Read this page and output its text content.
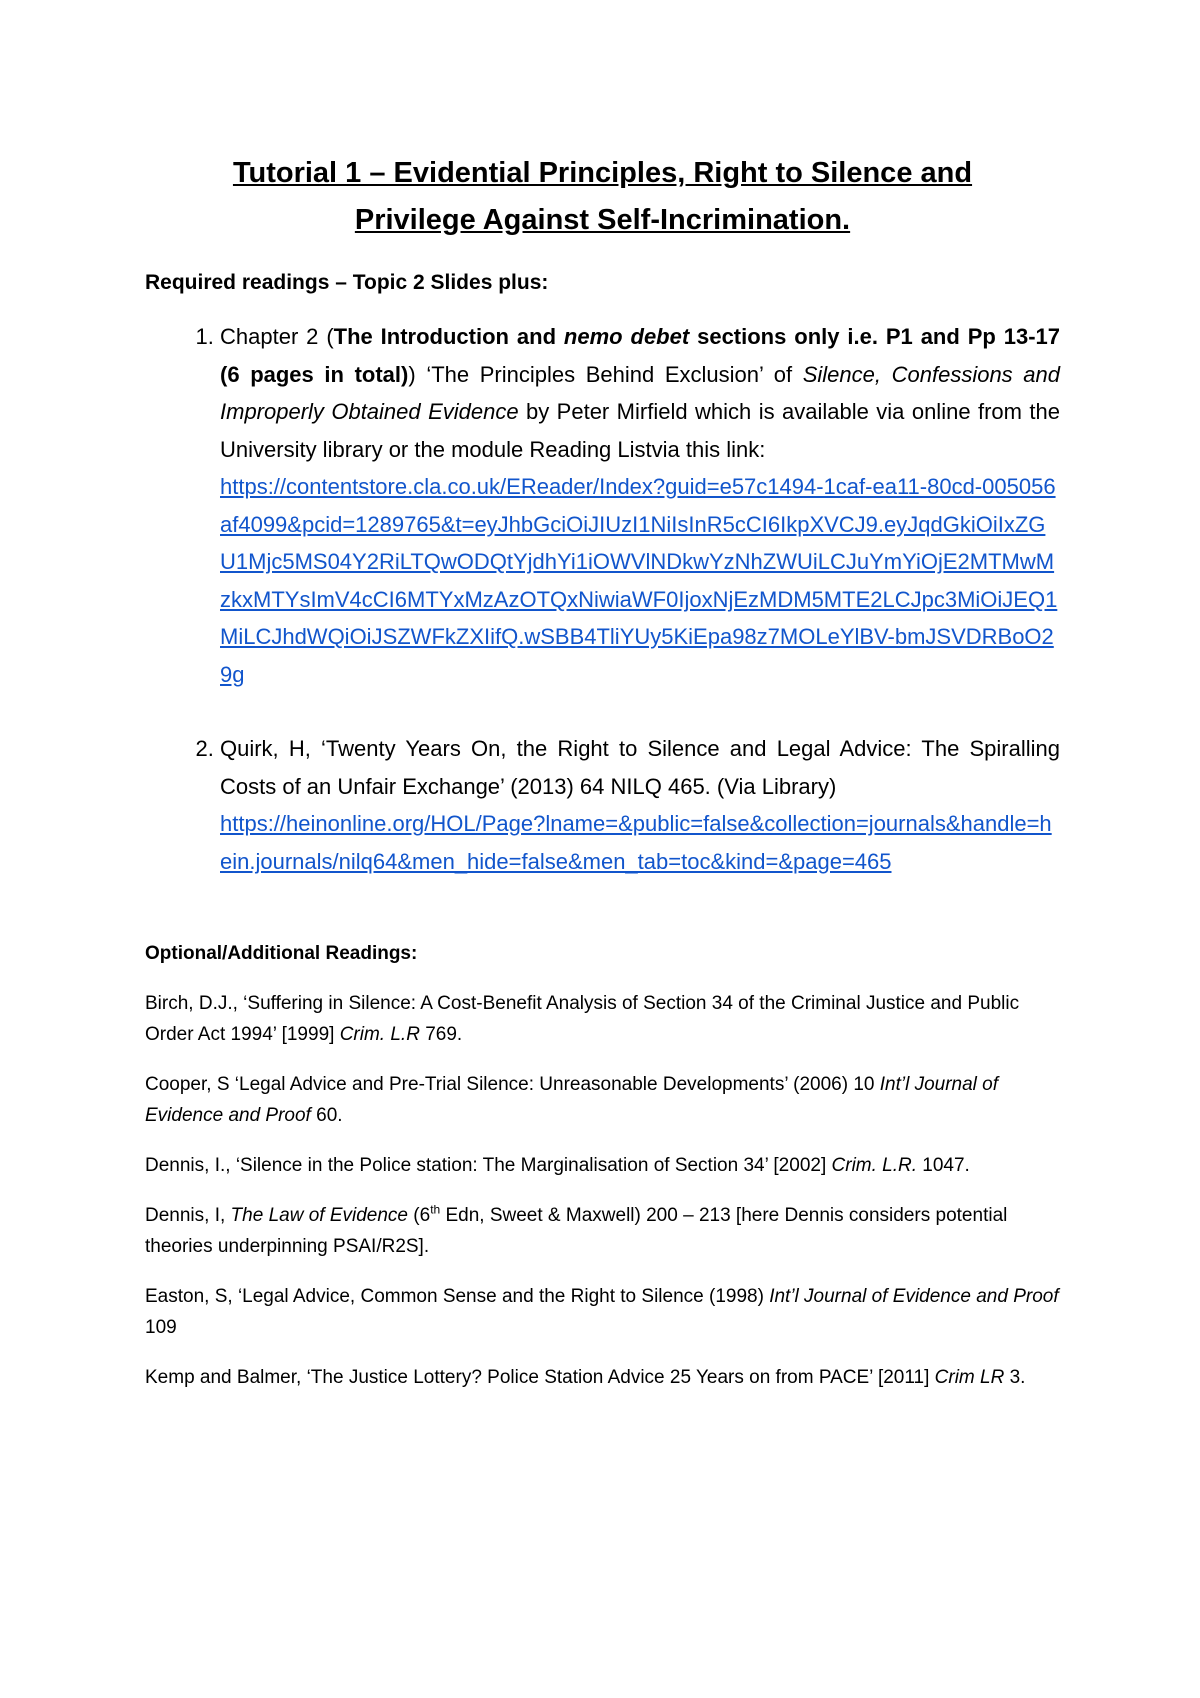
Tutorial 1 – Evidential Principles, Right to Silence and
Privilege Against Self-Incrimination.
Required readings – Topic 2 Slides plus:
1. Chapter 2 (The Introduction and nemo debet sections only i.e. P1 and Pp 13-17 (6 pages in total)) ‘The Principles Behind Exclusion’ of Silence, Confessions and Improperly Obtained Evidence by Peter Mirfield which is available via online from the University library or the module Reading Listvia this link:
https://contentstore.cla.co.uk/EReader/Index?guid=e57c1494-1caf-ea11-80cd-005056af4099&pcid=1289765&t=eyJhbGciOiJIUzI1NiIsInR5cCI6IkpXVCJ9.eyJqdGkiOiIxZGU1Mjc5MS04Y2RiLTQwODQtYjdhYi1iOWVlNDkwYzNhZWUiLCJuYmYiOjE2MTMwMzkxMTYsImV4cCI6MTYxMzAzOTQxNiwiaWF0IjoxNjEzMDM5MTE2LCJpc3MiOiJEQ1MiLCJhdWQiOiJSZWFkZXIifQ.wSBB4TliYUy5KiEpa98z7MOLeYlBV-bmJSVDRBoO29g
2. Quirk, H, ‘Twenty Years On, the Right to Silence and Legal Advice: The Spiralling Costs of an Unfair Exchange’ (2013) 64 NILQ 465. (Via Library)
https://heinonline.org/HOL/Page?lname=&public=false&collection=journals&handle=hein.journals/nilq64&men_hide=false&men_tab=toc&kind=&page=465
Optional/Additional Readings:
Birch, D.J., ‘Suffering in Silence: A Cost-Benefit Analysis of Section 34 of the Criminal Justice and Public Order Act 1994’ [1999] Crim. L.R 769.
Cooper, S ‘Legal Advice and Pre-Trial Silence: Unreasonable Developments’ (2006) 10 Int’l Journal of Evidence and Proof 60.
Dennis, I., ‘Silence in the Police station: The Marginalisation of Section 34’ [2002] Crim. L.R. 1047.
Dennis, I, The Law of Evidence (6th Edn, Sweet & Maxwell) 200 – 213 [here Dennis considers potential theories underpinning PSAI/R2S].
Easton, S, ‘Legal Advice, Common Sense and the Right to Silence (1998) Int’l Journal of Evidence and Proof 109
Kemp and Balmer, ‘The Justice Lottery? Police Station Advice 25 Years on from PACE’ [2011] Crim LR 3.
